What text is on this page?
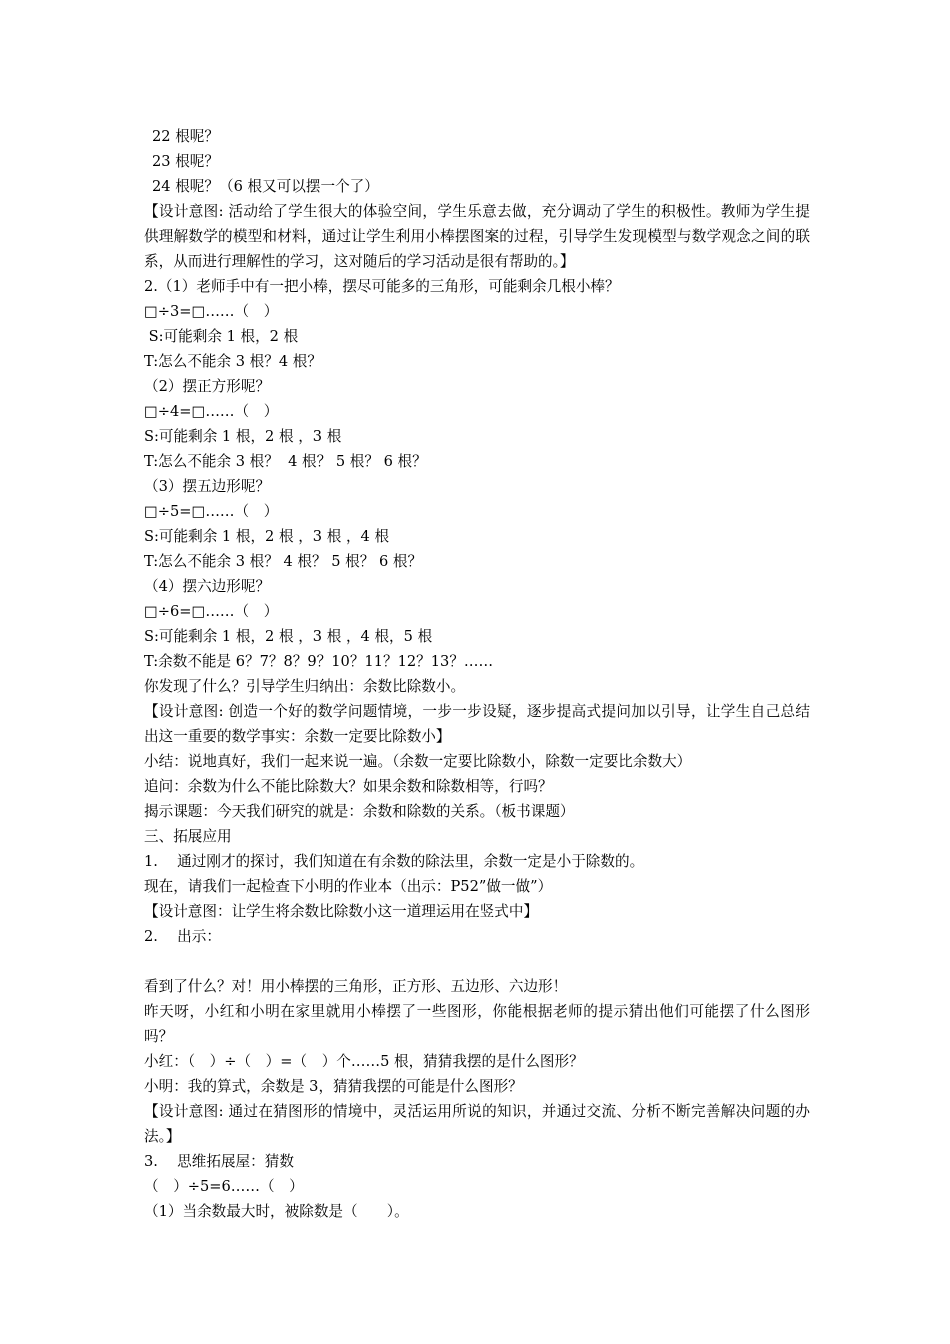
22 根呢？
23 根呢？
24 根呢？（6 根又可以摆一个了）
【设计意图: 活动给了学生很大的体验空间，学生乐意去做，充分调动了学生的积极性。教师为学生提供理解数学的模型和材料，通过让学生利用小棒摆图案的过程，引导学生发现模型与数学观念之间的联系，从而进行理解性的学习，这对随后的学习活动是很有帮助的。】
2.（1）老师手中有一把小棒，摆尽可能多的三角形，可能剩余几根小棒？
□÷3=□……（　）
S:可能剩余 1 根，2 根
T:怎么不能余 3 根？4 根？
（2）摆正方形呢？
□÷4=□……（　）
S:可能剩余 1 根，2 根 ，3 根
T:怎么不能余 3 根？  4 根？ 5 根？ 6 根？
（3）摆五边形呢？
□÷5=□……（　）
S:可能剩余 1 根，2 根 ，3 根 ，4 根
T:怎么不能余 3 根？ 4 根？ 5 根？ 6 根？
（4）摆六边形呢？
□÷6=□……（　）
S:可能剩余 1 根，2 根 ，3 根 ，4 根，5 根
T:余数不能是 6？7？8？9？10？11？12？13？……
你发现了什么？引导学生归纳出：余数比除数小。
【设计意图: 创造一个好的数学问题情境，一步一步设疑，逐步提高式提问加以引导，让学生自己总结出这一重要的数学事实：余数一定要比除数小】
小结：说地真好，我们一起来说一遍。（余数一定要比除数小，除数一定要比余数大）
追问：余数为什么不能比除数大？如果余数和除数相等，行吗？
揭示课题：今天我们研究的就是：余数和除数的关系。（板书课题）
三、拓展应用
1.　 通过刚才的探讨，我们知道在有余数的除法里，余数一定是小于除数的。
现在，请我们一起检查下小明的作业本（出示：P52”做一做”）
【设计意图：让学生将余数比除数小这一道理运用在竖式中】
2.　 出示：
看到了什么？对！用小棒摆的三角形，正方形、五边形、六边形！
昨天呀，小红和小明在家里就用小棒摆了一些图形，你能根据老师的提示猜出他们可能摆了什么图形吗？
小红：（　）÷（　）=（　）个……5 根，猜猜我摆的是什么图形？
小明：我的算式，余数是 3，猜猜我摆的可能是什么图形？
【设计意图: 通过在猜图形的情境中，灵活运用所说的知识，并通过交流、分析不断完善解决问题的办法。】
3.　 思维拓展屋：猜数
（　）÷5=6……（　）
（1）当余数最大时，被除数是（　　）。
